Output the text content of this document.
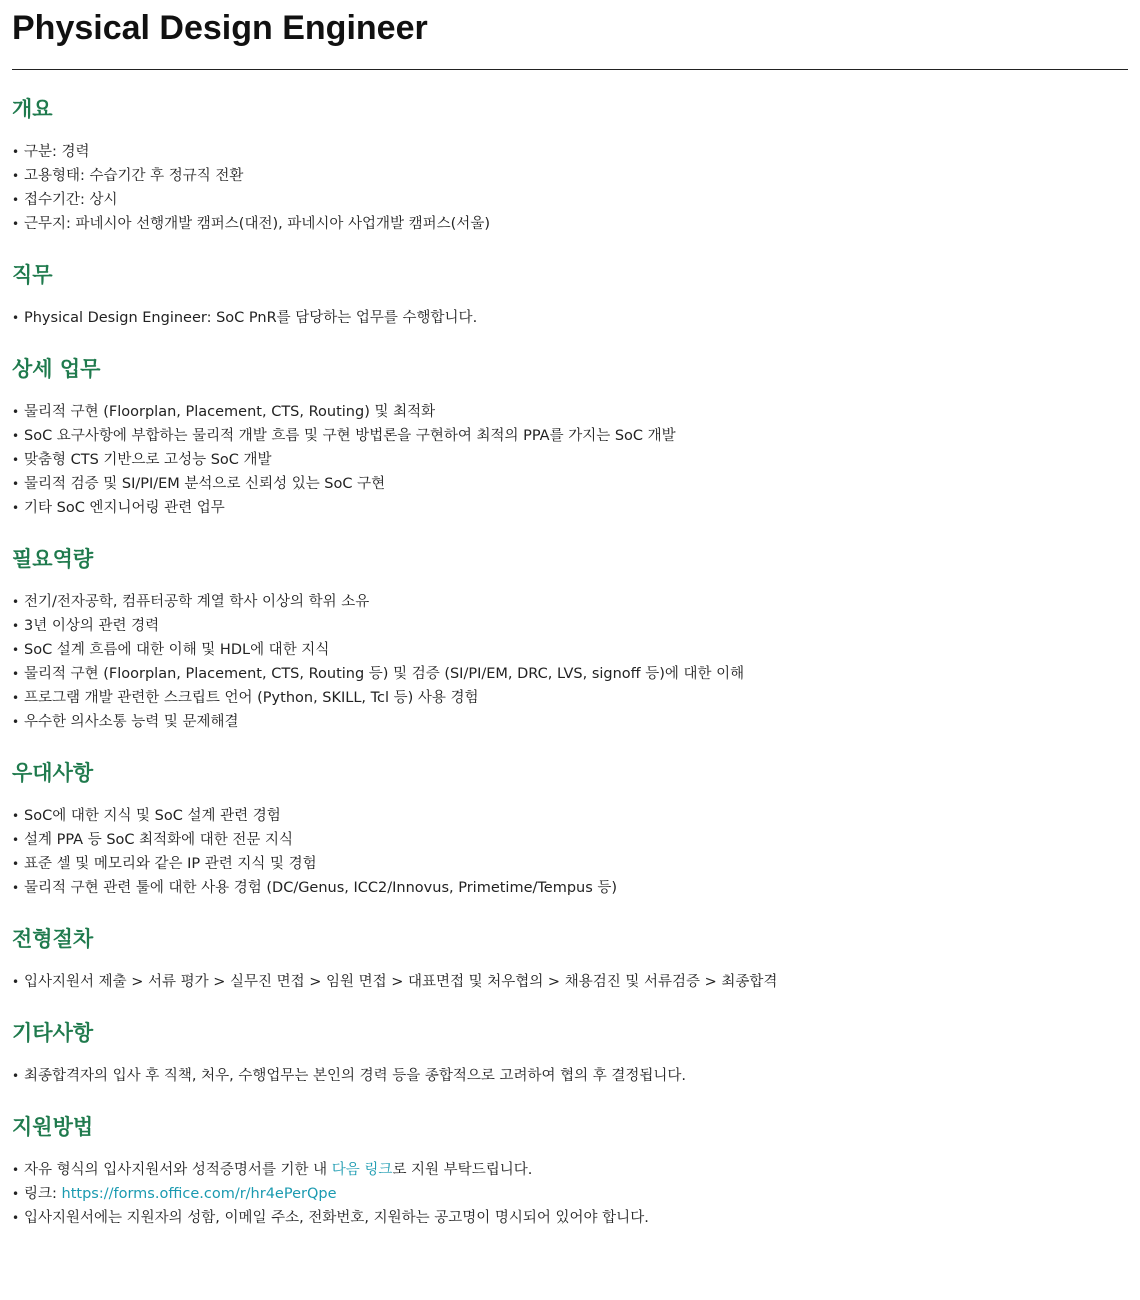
Physical Design Engineer
개요
• 구분: 경력
• 고용형태: 수습기간 후 정규직 전환
• 접수기간: 상시
• 근무지: 파네시아 선행개발 캠퍼스(대전), 파네시아 사업개발 캠퍼스(서울)
직무
• Physical Design Engineer: SoC PnR를 담당하는 업무를 수행합니다.
상세 업무
• 물리적 구현 (Floorplan, Placement, CTS, Routing) 및 최적화
• SoC 요구사항에 부합하는 물리적 개발 흐름 및 구현 방법론을 구현하여 최적의 PPA를 가지는 SoC 개발
• 맞춤형 CTS 기반으로 고성능 SoC 개발
• 물리적 검증 및 SI/PI/EM 분석으로 신뢰성 있는 SoC 구현
• 기타 SoC 엔지니어링 관련 업무
필요역량
• 전기/전자공학, 컴퓨터공학 계열 학사 이상의 학위 소유
• 3년 이상의 관련 경력
• SoC 설계 흐름에 대한 이해 및 HDL에 대한 지식
• 물리적 구현 (Floorplan, Placement, CTS, Routing 등) 및 검증 (SI/PI/EM, DRC, LVS, signoff 등)에 대한 이해
• 프로그램 개발 관련한 스크립트 언어 (Python, SKILL, Tcl 등) 사용 경험
• 우수한 의사소통 능력 및 문제해결
우대사항
• SoC에 대한 지식 및 SoC 설계 관련 경험
• 설계 PPA 등 SoC 최적화에 대한 전문 지식
• 표준 셀 및 메모리와 같은 IP 관련 지식 및 경험
• 물리적 구현 관련 툴에 대한 사용 경험 (DC/Genus, ICC2/Innovus, Primetime/Tempus 등)
전형절차
• 입사지원서 제출 > 서류 평가 > 실무진 면접 > 임원 면접 > 대표면접 및 처우협의 > 채용검진 및 서류검증 > 최종합격
기타사항
• 최종합격자의 입사 후 직책, 처우, 수행업무는 본인의 경력 등을 종합적으로 고려하여 협의 후 결정됩니다.
지원방법
• 자유 형식의 입사지원서와 성적증명서를 기한 내 다음 링크로 지원 부탁드립니다.
• 링크: https://forms.office.com/r/hr4ePerQpe
• 입사지원서에는 지원자의 성함, 이메일 주소, 전화번호, 지원하는 공고명이 명시되어 있어야 합니다.
